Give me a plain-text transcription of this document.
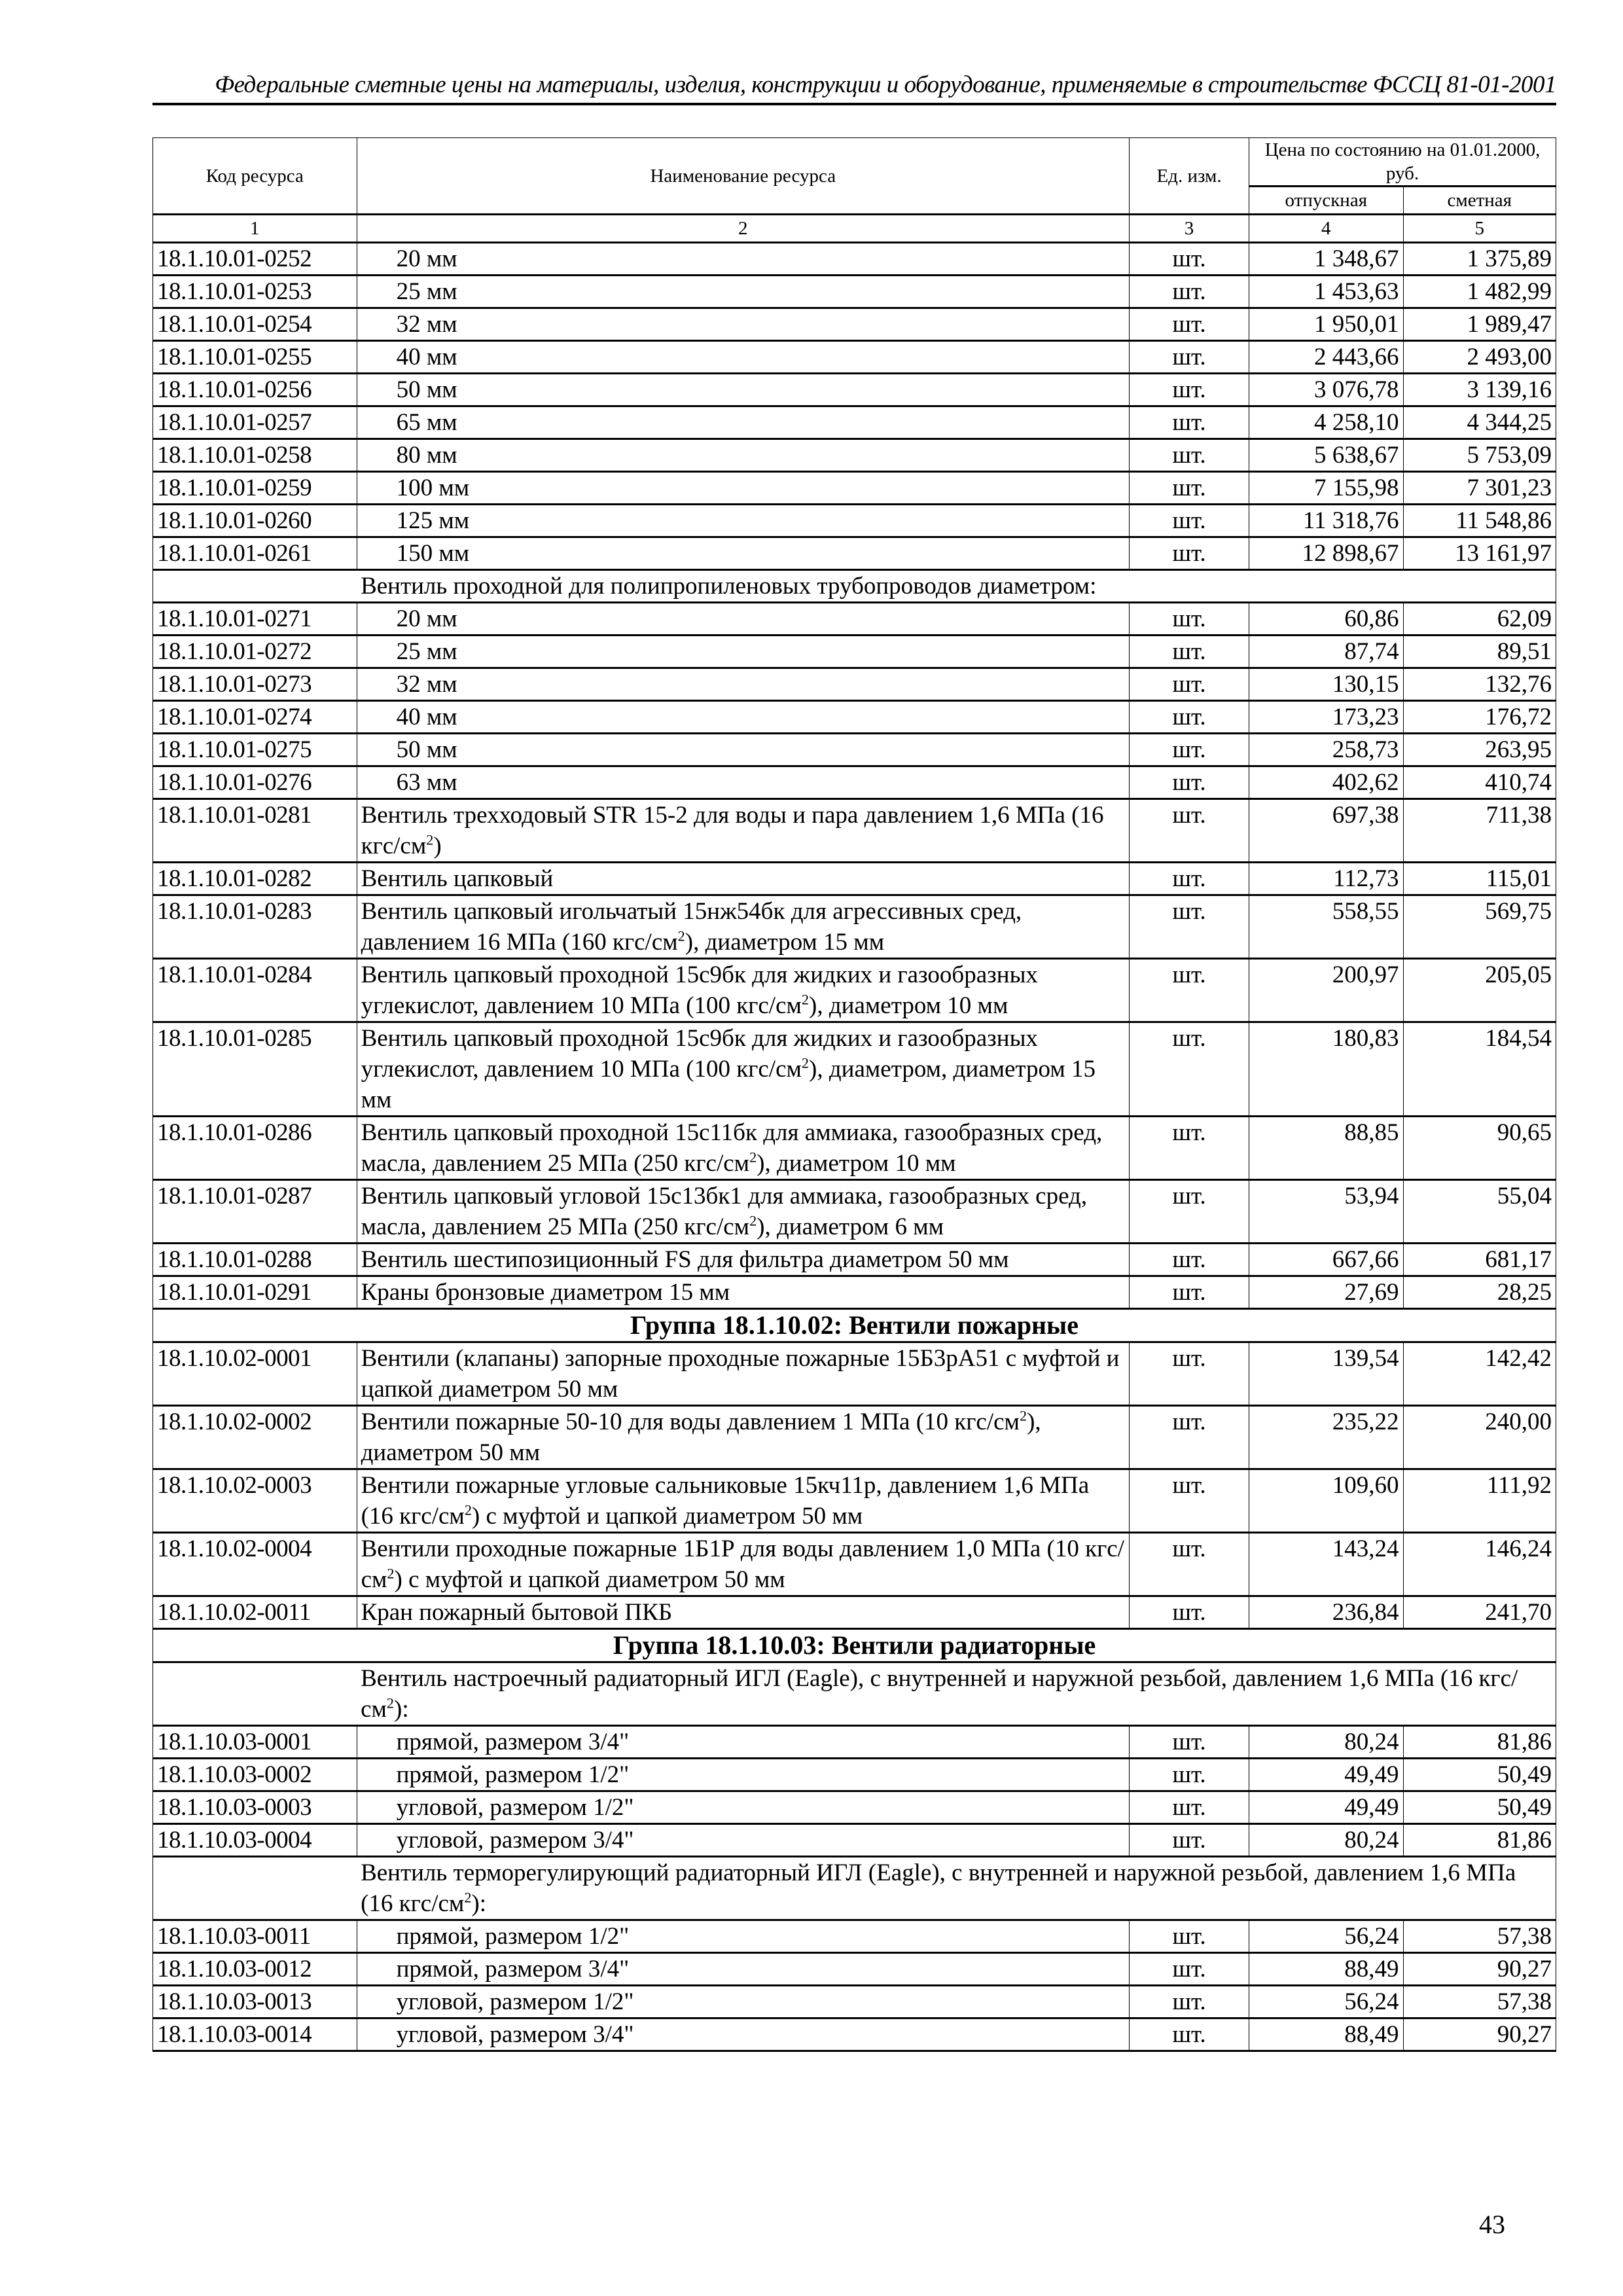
Федеральные сметные цены на материалы, изделия, конструкции и оборудование, применяемые в строительстве ФССЦ 81-01-2001
Код ресурса	Наименование ресурса	Ед. изм.	Цена по состоянию на 01.01.2000, руб.	
			отпускная	сметная
1	2	3	4	5
18.1.10.01-0252	20 мм	шт.	1 348,67	1 375,89
18.1.10.01-0253	25 мм	шт.	1 453,63	1 482,99
18.1.10.01-0254	32 мм	шт.	1 950,01	1 989,47
18.1.10.01-0255	40 мм	шт.	2 443,66	2 493,00
18.1.10.01-0256	50 мм	шт.	3 076,78	3 139,16
18.1.10.01-0257	65 мм	шт.	4 258,10	4 344,25
18.1.10.01-0258	80 мм	шт.	5 638,67	5 753,09
18.1.10.01-0259	100 мм	шт.	7 155,98	7 301,23
18.1.10.01-0260	125 мм	шт.	11 318,76	11 548,86
18.1.10.01-0261	150 мм	шт.	12 898,67	13 161,97
	Вентиль проходной для полипропиленовых трубопроводов диаметром:			
18.1.10.01-0271	20 мм	шт.	60,86	62,09
18.1.10.01-0272	25 мм	шт.	87,74	89,51
18.1.10.01-0273	32 мм	шт.	130,15	132,76
18.1.10.01-0274	40 мм	шт.	173,23	176,72
18.1.10.01-0275	50 мм	шт.	258,73	263,95
18.1.10.01-0276	63 мм	шт.	402,62	410,74
18.1.10.01-0281	Вентиль трехходовый STR 15-2 для воды и пара давлением 1,6 МПа (16 кгс/$см^2$)	шт.	697,38	711,38
18.1.10.01-0282	Вентиль цапковый	шт.	112,73	115,01
18.1.10.01-0283	Вентиль цапковый игольчатый 15нж54бк для агрессивных сред, давлением 16 МПа (160 кгс/$см^2$), диаметром 15 мм	шт.	558,55	569,75
18.1.10.01-0284	Вентиль цапковый проходной 15с9бк для жидких и газообразных углекислот, давлением 10 МПа (100 кгс/$см^2$), диаметром 10 мм	шт.	200,97	205,05
18.1.10.01-0285	Вентиль цапковый проходной 15с9бк для жидких и газообразных углекислот, давлением 10 МПа (100 кгс/$см^2$), диаметром, диаметром 15 мм	шт.	180,83	184,54
18.1.10.01-0286	Вентиль цапковый проходной 15с11бк для аммиака, газообразных сред, масла, давлением 25 МПа (250 кгс/$см^2$), диаметром 10 мм	шт.	88,85	90,65
18.1.10.01-0287	Вентиль цапковый угловой 15с13бк1 для аммиака, газообразных сред, масла, давлением 25 МПа (250 кгс/$см^2$), диаметром 6 мм	шт.	53,94	55,04
18.1.10.01-0288	Вентиль шестипозиционный FS для фильтра диаметром 50 мм	шт.	667,66	681,17
18.1.10.01-0291	Краны бронзовые диаметром 15 мм	шт.	27,69	28,25
Группа 18.1.10.02: Вентили пожарные				
18.1.10.02-0001	Вентили (клапаны) запорные проходные пожарные 15Б3рА51 с муфтой и цапкой диаметром 50 мм	шт.	139,54	142,42
18.1.10.02-0002	Вентили пожарные 50-10 для воды давлением 1 МПа (10 кгс/$см^2$), диаметром 50 мм	шт.	235,22	240,00
18.1.10.02-0003	Вентили пожарные угловые сальниковые 15кч11р, давлением 1,6 МПа (16 кгс/$см^2$) с муфтой и цапкой диаметром 50 мм	шт.	109,60	111,92
18.1.10.02-0004	Вентили проходные пожарные 1Б1Р для воды давлением 1,0 МПа (10 кгс/$см^2$) с муфтой и цапкой диаметром 50 мм	шт.	143,24	146,24
18.1.10.02-0011	Кран пожарный бытовой ПКБ	шт.	236,84	241,70
Группа 18.1.10.03: Вентили радиаторные				
	Вентиль настроечный радиаторный ИГЛ (Eagle), с внутренней и наружной резьбой, давлением 1,6 МПа (16 кгс/$см^2$):			
18.1.10.03-0001	прямой, размером 3/4"	шт.	80,24	81,86
18.1.10.03-0002	прямой, размером 1/2"	шт.	49,49	50,49
18.1.10.03-0003	угловой, размером 1/2"	шт.	49,49	50,49
18.1.10.03-0004	угловой, размером 3/4"	шт.	80,24	81,86
	Вентиль терморегулирующий радиаторный ИГЛ (Eagle), с внутренней и наружной резьбой, давлением 1,6 МПа (16 кгс/$см^2$):			
18.1.10.03-0011	прямой, размером 1/2"	шт.	56,24	57,38
18.1.10.03-0012	прямой, размером 3/4"	шт.	88,49	90,27
18.1.10.03-0013	угловой, размером 1/2"	шт.	56,24	57,38
18.1.10.03-0014	угловой, размером 3/4"	шт.	88,49	90,27
43
